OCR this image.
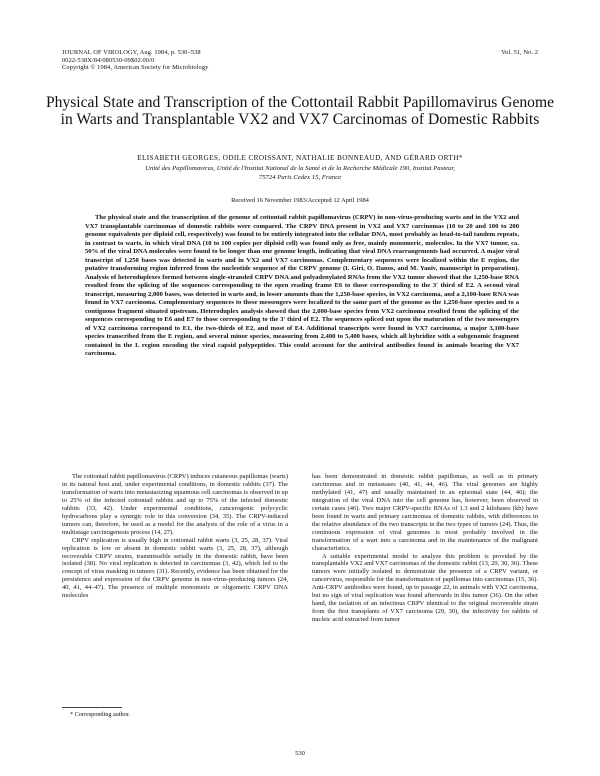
JOURNAL OF VIROLOGY, Aug. 1984, p. 530–538
0022-538X/84/080530-09$02.00/0
Copyright © 1984, American Society for Microbiology
Vol. 51, No. 2
Physical State and Transcription of the Cottontail Rabbit Papillomavirus Genome in Warts and Transplantable VX2 and VX7 Carcinomas of Domestic Rabbits
ELISABETH GEORGES, ODILE CROISSANT, NATHALIE BONNEAUD, AND GÉRARD ORTH*
Unité des Papillomavirus, Unité de l'Institut National de la Santé et de la Recherche Médicale 190, Institut Pasteur,
75724 Paris Cedex 15, France
Received 16 November 1983/Accepted 12 April 1984

The physical state and the transcription of the genome of cottontail rabbit papillomavirus (CRPV) in non-virus-producing warts and in the VX2 and VX7 transplantable carcinomas of domestic rabbits were compared. The CRPV DNA present in VX2 and VX7 carcinomas (10 to 20 and 100 to 200 genome equivalents per diploid cell, respectively) was found to be entirely integrated into the cellular DNA, most probably as head-to-tail tandem repeats, in contrast to warts, in which viral DNA (10 to 100 copies per diploid cell) was found only as free, mainly monomeric, molecules. In the VX7 tumor, ca. 50% of the viral DNA molecules were found to be longer than one genome length, indicating that viral DNA rearrangements had occurred. A major viral transcript of 1,250 bases was detected in warts and in VX2 and VX7 carcinomas. Complementary sequences were localized within the E region, the putative transforming region inferred from the nucleotide sequence of the CRPV genome (I. Giri, O. Danos, and M. Yaniv, manuscript in preparation). Analysis of heteroduplexes formed between single-stranded CRPV DNA and polyadenylated RNAs from the VX2 tumor showed that the 1,250-base RNA resulted from the splicing of the sequences corresponding to the open reading frame E6 to those corresponding to the 3' third of E2. A second viral transcript, measuring 2,000 bases, was detected in warts and, in lesser amounts than the 1,250-base species, in VX2 carcinoma, and a 2,100-base RNA was found in VX7 carcinoma. Complementary sequences to these messengers were localized to the same part of the genome as the 1,250-base species and to a contiguous fragment situated upstream. Heteroduplex analysis showed that the 2,000-base species from VX2 carcinoma resulted from the splicing of the sequences corresponding to E6 and E7 to those corresponding to the 3' third of E2. The sequences spliced out upon the maturation of the two messengers of VX2 carcinoma correspond to E1, the two-thirds of E2, and most of E4. Additional transcripts were found in VX7 carcinoma, a major 3,100-base species transcribed from the E region, and several minor species, measuring from 2,400 to 5,400 bases, which all hybridize with a subgenomic fragment contained in the L region encoding the viral capsid polypeptides. This could account for the antiviral antibodies found in animals bearing the VX7 carcinoma.

The cottontail rabbit papillomavirus (CRPV) induces cutaneous papillomas (warts) in its natural host and, under experimental conditions, in domestic rabbits (37). The transformation of warts into metastasizing squamous cell carcinomas is observed in up to 25% of the infected cottontail rabbits and up to 75% of the infected domestic rabbits (33, 42). Under experimental conditions, cancerogenic polycyclic hydrocarbons play a synergic role in this conversion (34, 35). The CRPV-induced tumors can, therefore, be used as a model for the analysis of the role of a virus in a multistage carcinogenesis process (14, 27).

CRPV replication is usually high in cottontail rabbit warts (3, 25, 28, 37). Viral replication is low or absent in domestic rabbit warts (3, 25, 28, 37), although recoverable CRPV strains, transmissible serially in the domestic rabbit, have been isolated (38). No viral replication is detected in carcinomas (3, 42), which led to the concept of virus masking in tumors (31). Recently, evidence has been obtained for the persistence and expression of the CRPV genome in non-virus-producing tumors (24, 40, 41, 44–47). The presence of multiple monomeric or oligomeric CRPV DNA molecules

has been demonstrated in domestic rabbit papillomas, as well as in primary carcinomas and in metastases (40, 41, 44, 46). The viral genomes are highly methylated (41, 47) and usually maintained in an episomal state (44, 46); the integration of the viral DNA into the cell genome has, however, been observed in certain cases (46). Two major CRPV-specific RNAs of 1.3 and 2 kilobases (kb) have been found in warts and primary carcinomas of domestic rabbits, with differences in the relative abundance of the two transcripts in the two types of tumors (24). Thus, the continuous expression of viral genomes is most probably involved in the transformation of a wart into a carcinoma and in the maintenance of the malignant characteristics.

A suitable experimental model to analyze this problem is provided by the transplantable VX2 and VX7 carcinomas of the domestic rabbit (13, 29, 30, 36). These tumors were initially isolated to demonstrate the presence of a CRPV variant, or cancervirus, responsible for the transformation of papillomas into carcinomas (15, 36). Anti-CRPV antibodies were found, up to passage 22, in animals with VX2 carcinoma, but no sign of viral replication was found afterwards in this tumor (36). On the other hand, the isolation of an infectious CRPV identical to the original recoverable strain from the first transplants of VX7 carcinoma (29, 30), the infectivity for rabbits of nucleic acid extracted from tumor

* Corresponding author.
530
